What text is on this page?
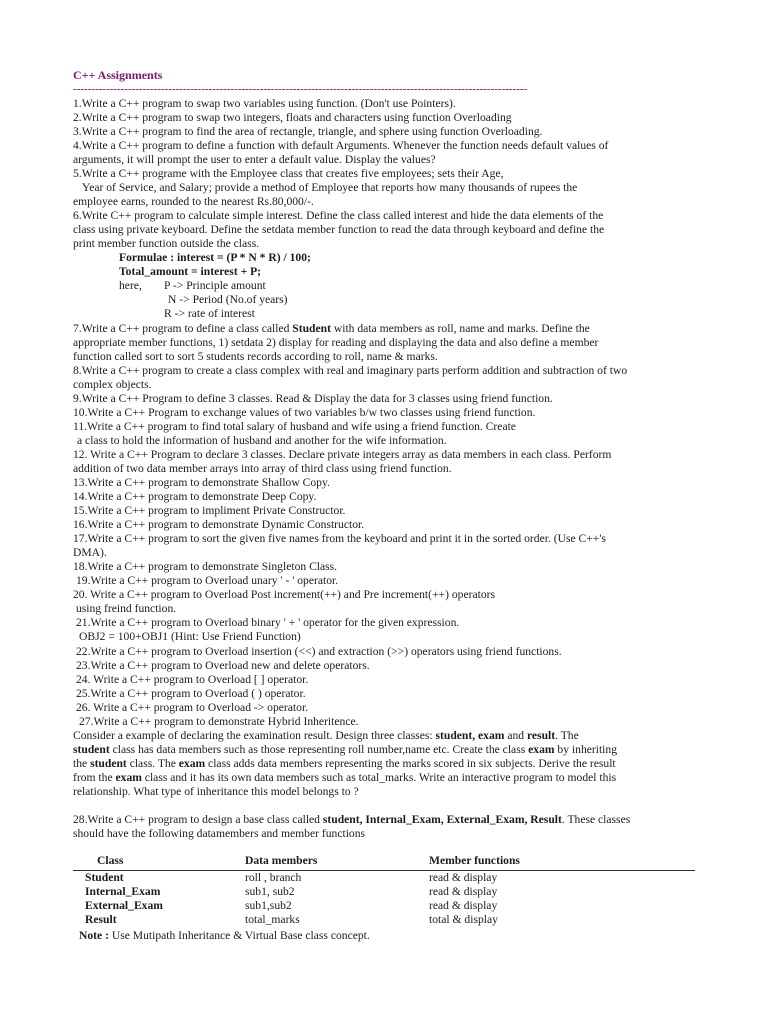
C++ Assignments
----------------------------------------------------------------------------------------------------------------------------
1.Write a C++ program to swap two variables using function. (Don't use Pointers).
2.Write a C++ program to swap two integers, floats and characters using function Overloading
3.Write a C++ program to find the area of rectangle, triangle, and sphere using function Overloading.
4.Write a C++ program to define a function with default Arguments. Whenever the function needs default values of
arguments, it will prompt the user to enter a default value. Display the values?
5.Write a C++ programe with the Employee class that creates five employees; sets their Age,
Year of Service, and Salary; provide a method of Employee that reports how many thousands of rupees the
employee earns, rounded to the nearest Rs.80,000/-.
6.Write C++ program to calculate simple interest. Define the class called interest and hide the data elements of the
class using private keyboard. Define the setdata member function to read the data through keyboard and define the
print member function outside the class.
Formulae : interest = (P * N * R) / 100;
Total_amount = interest + P;
here, P -> Principle amount
N -> Period (No.of years)
R -> rate of interest
7.Write a C++ program to define a class called Student with data members as roll, name and marks. Define the
appropriate member functions, 1) setdata 2) display for reading and displaying the data and also define a member
function called sort to sort 5 students records according to roll, name & marks.
8.Write a C++ program to create a class complex with real and imaginary parts perform addition and subtraction of two
complex objects.
9.Write a C++ Program to define 3 classes. Read & Display the data for 3 classes using friend function.
10.Write a C++ Program to exchange values of two variables b/w two classes using friend function.
11.Write a C++ program to find total salary of husband and wife using a friend function. Create
a class to hold the information of husband and another for the wife information.
12. Write a C++ Program to declare 3 classes. Declare private integers array as data members in each class. Perform
addition of two data member arrays into array of third class using friend function.
13.Write a C++ program to demonstrate Shallow Copy.
14.Write a C++ program to demonstrate Deep Copy.
15.Write a C++ program to impliment Private Constructor.
16.Write a C++ program to demonstrate Dynamic Constructor.
17.Write a C++ program to sort the given five names from the keyboard and print it in the sorted order. (Use C++'s
DMA).
18.Write a C++ program to demonstrate Singleton Class.
19.Write a C++ program to Overload unary ' - ' operator.
20. Write a C++ program to Overload Post increment(++) and Pre increment(++) operators
using freind function.
21.Write a C++ program to Overload binary ' + ' operator for the given expression.
OBJ2 = 100+OBJ1 (Hint: Use Friend Function)
22.Write a C++ program to Overload insertion (<<) and extraction (>>) operators using friend functions.
23.Write a C++ program to Overload new and delete operators.
24. Write a C++ program to Overload [ ] operator.
25.Write a C++ program to Overload ( ) operator.
26. Write a C++ program to Overload -> operator.
27.Write a C++ program to demonstrate Hybrid Inheritence.
Consider a example of declaring the examination result. Design three classes: student, exam and result. The
student class has data members such as those representing roll number,name etc. Create the class exam by inheriting
the student class. The exam class adds data members representing the marks scored in six subjects. Derive the result
from the exam class and it has its own data members such as total_marks. Write an interactive program to model this
relationship. What type of inheritance this model belongs to ?
28.Write a C++ program to design a base class called student, Internal_Exam, External_Exam, Result. These classes
should have the following datamembers and member functions
Class	Data members	Member functions
Student	roll , branch	read & display
Internal_Exam	sub1, sub2	read & display
External_Exam	sub1,sub2	read & display
Result	total_marks	total & display
Note : Use Mutipath Inheritance & Virtual Base class concept.
